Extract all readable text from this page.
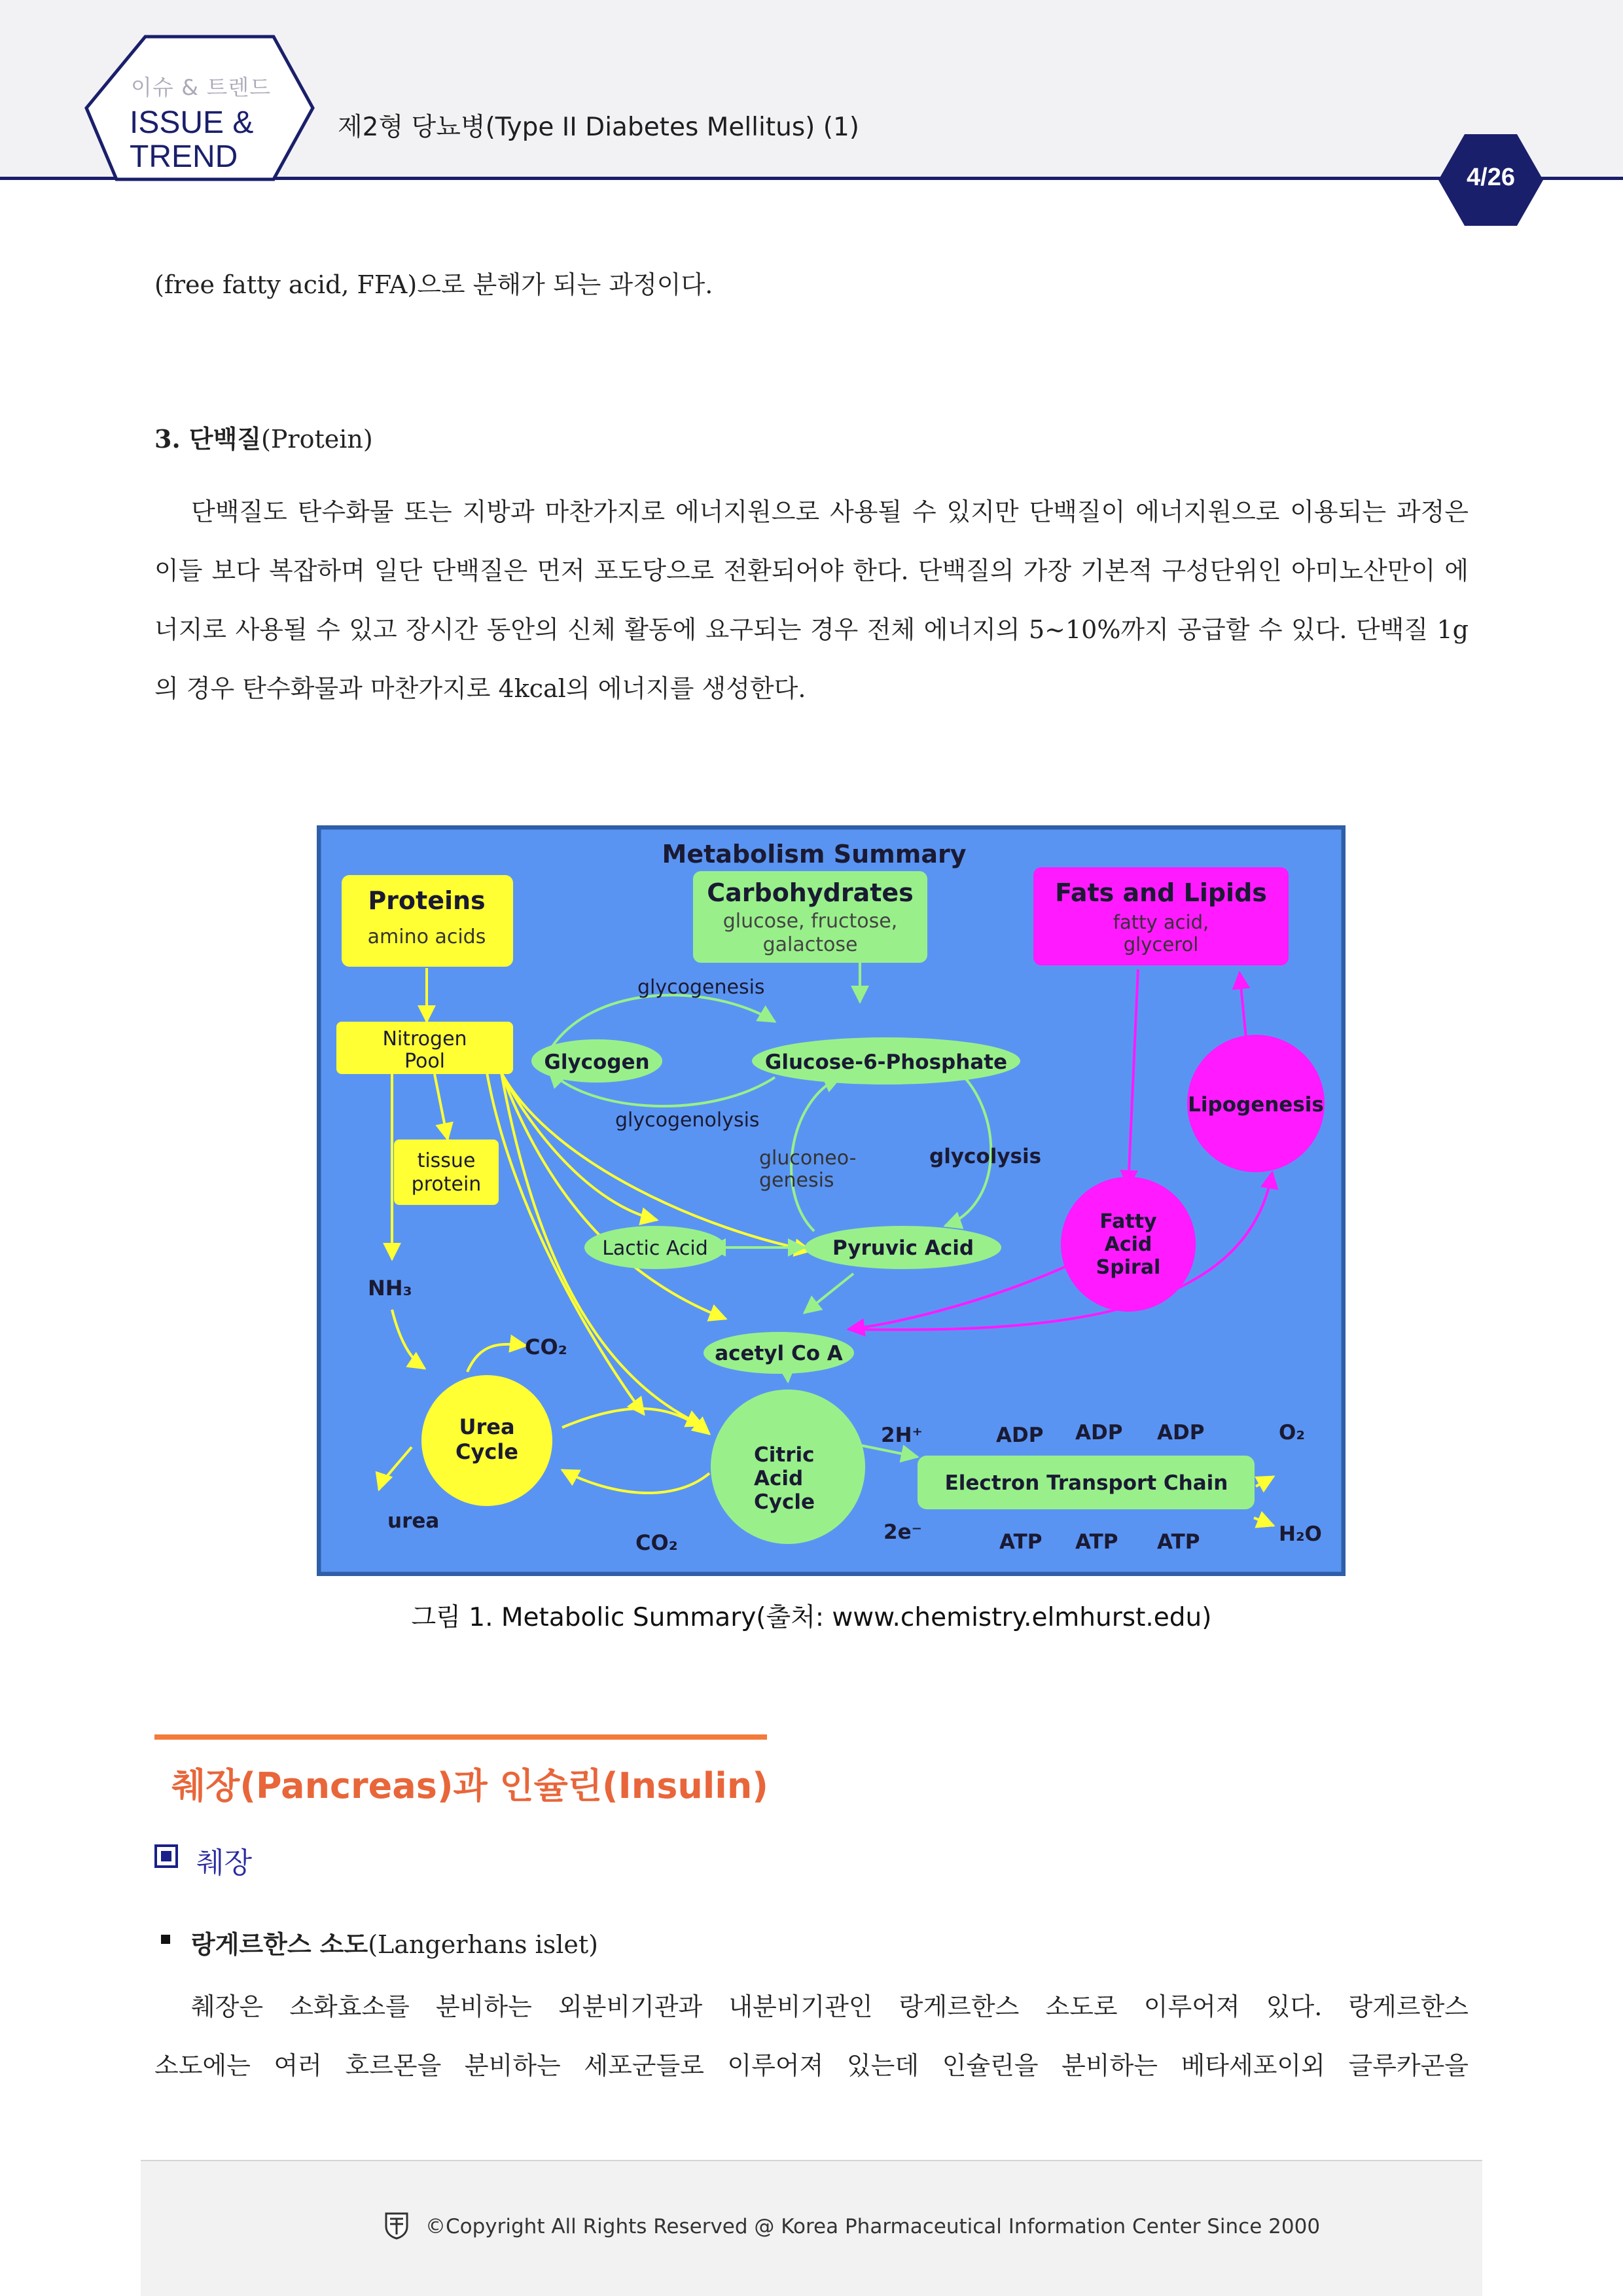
이슈 & 트렌드
ISSUE &
TREND
제2형 당뇨병(Type II Diabetes Mellitus) (1)
4/26
(free fatty acid, FFA)으로 분해가 되는 과정이다.
3. 단백질(Protein)
단백질도 탄수화물 또는 지방과 마찬가지로 에너지원으로 사용될 수 있지만 단백질이 에너지원으로 이용되는 과정은 이들 보다 복잡하며 일단 단백질은 먼저 포도당으로 전환되어야 한다. 단백질의 가장 기본적 구성단위인 아미노산만이 에너지로 사용될 수 있고 장시간 동안의 신체 활동에 요구되는 경우 전체 에너지의 5~10%까지 공급할 수 있다. 단백질 1g의 경우 탄수화물과 마찬가지로 4kcal의 에너지를 생성한다.
Metabolism Summary
Proteins
amino acids
Carbohydrates
glucose, fructose,
galactose
Fats and Lipids
fatty acid,
glycerol
glycogenesis
Nitrogen
Pool	Glycogen	Glucose-6-Phosphate
Lipogenesis
glycogenolysis
tissue
protein
gluconeo-
genesis
glycolysis
Fatty
Acid
Spiral
Lactic Acid	Pyruvic Acid
NH₃
CO₂	acetyl Co A
Urea
Cycle	Citric
Acid
Cycle
2H⁺	ADP ADP ADP	O₂
Electron Transport Chain
urea
CO₂	2e⁻	ATP ATP ATP	H₂O
그림 1. Metabolic Summary(출처: www.chemistry.elmhurst.edu)
췌장(Pancreas)과 인슐린(Insulin)
췌장
랑게르한스 소도(Langerhans islet)
췌장은 소화효소를 분비하는 외분비기관과 내분비기관인 랑게르한스 소도로 이루어져 있다. 랑게르한스
소도에는 여러 호르몬을 분비하는 세포군들로 이루어져 있는데 인슐린을 분비하는 베타세포이외 글루카곤을
©Copyright All Rights Reserved @ Korea Pharmaceutical Information Center Since 2000
